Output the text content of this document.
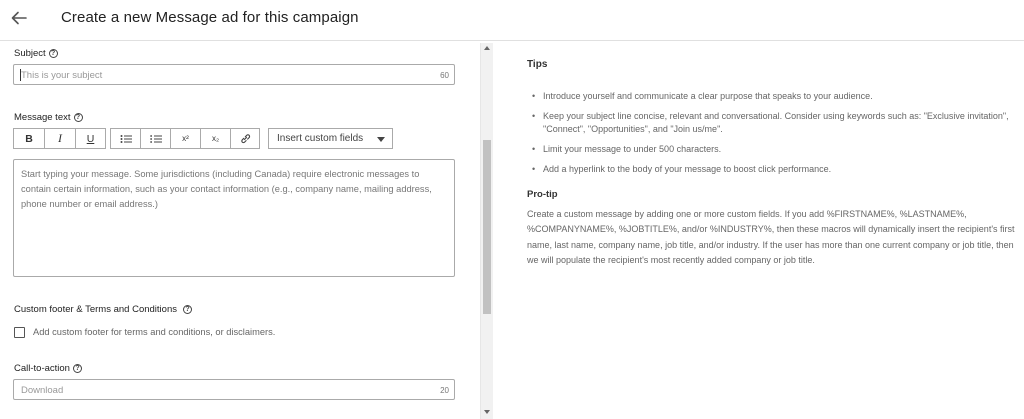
Create a new Message ad for this campaign
Subject ?
This is your subject	60
Message text ?
B	I	U	x²	x₂	Insert custom fields
Start typing your message. Some jurisdictions (including Canada) require electronic messages to contain certain information, such as your contact information (e.g., company name, mailing address, phone number or email address.)
Custom footer & Terms and Conditions	?
Add custom footer for terms and conditions, or disclaimers.
Call-to-action ?
Download	20
Tips
• Introduce yourself and communicate a clear purpose that speaks to your audience.
• Keep your subject line concise, relevant and conversational. Consider using keywords such as: "Exclusive invitation", "Connect", "Opportunities", and "Join us/me".
• Limit your message to under 500 characters.
• Add a hyperlink to the body of your message to boost click performance.
Pro-tip
Create a custom message by adding one or more custom fields. If you add %FIRSTNAME%, %LASTNAME%, %COMPANYNAME%, %JOBTITLE%, and/or %INDUSTRY%, then these macros will dynamically insert the recipient's first name, last name, company name, job title, and/or industry. If the user has more than one current company or job title, then we will populate the recipient's most recently added company or job title.
